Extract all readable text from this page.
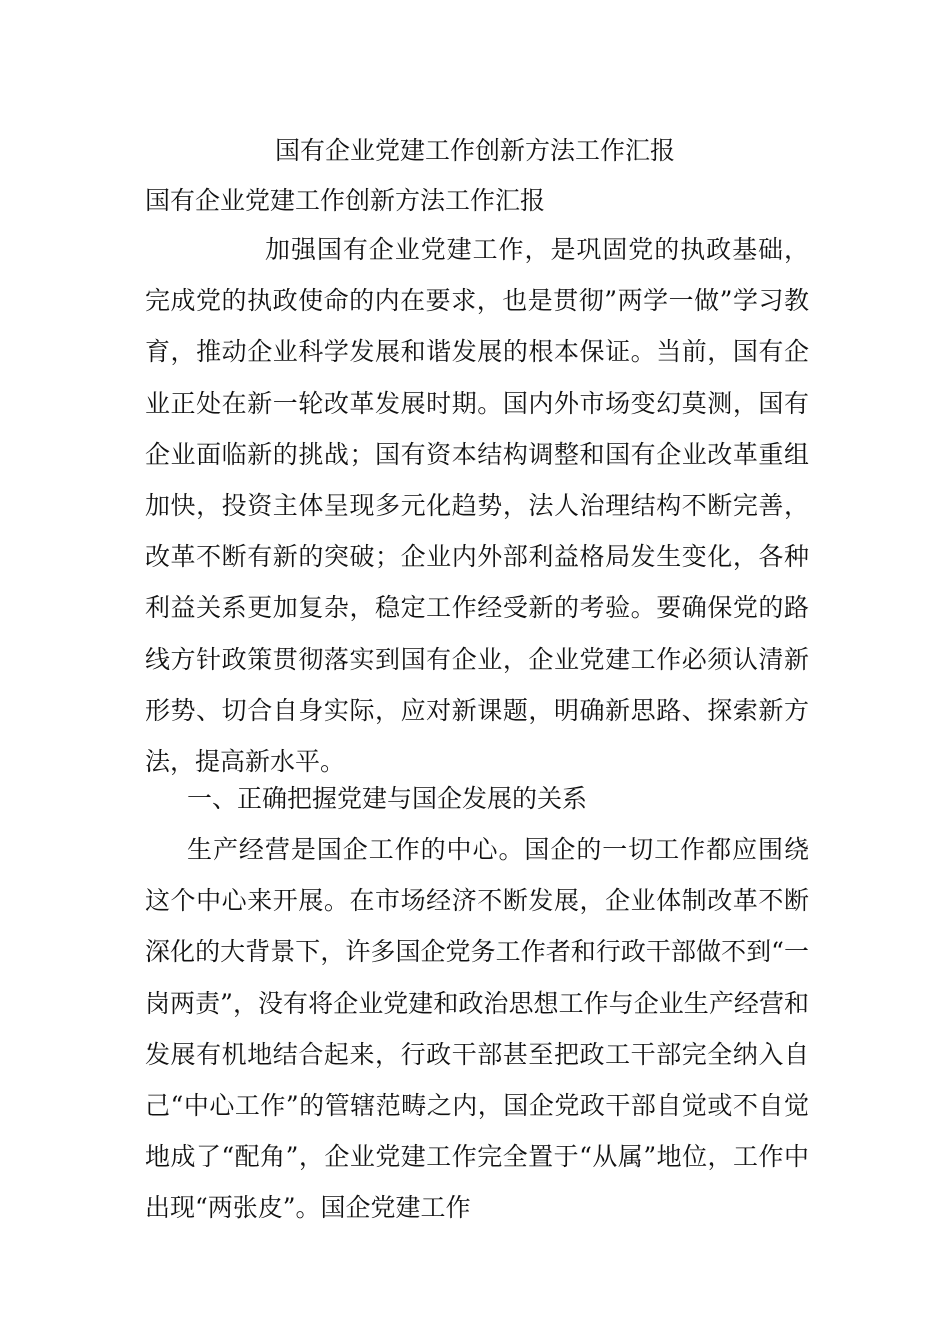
国有企业党建工作创新方法工作汇报
国有企业党建工作创新方法工作汇报

加强国有企业党建工作，是巩固党的执政基础，完成党的执政使命的内在要求，也是贯彻”两学一做”学习教育，推动企业科学发展和谐发展的根本保证。当前，国有企业正处在新一轮改革发展时期。国内外市场变幻莫测，国有企业面临新的挑战；国有资本结构调整和国有企业改革重组加快，投资主体呈现多元化趋势，法人治理结构不断完善，改革不断有新的突破；企业内外部利益格局发生变化，各种利益关系更加复杂，稳定工作经受新的考验。要确保党的路线方针政策贯彻落实到国有企业，企业党建工作必须认清新形势、切合自身实际，应对新课题，明确新思路、探索新方法，提高新水平。

一、正确把握党建与国企发展的关系

生产经营是国企工作的中心。国企的一切工作都应围绕这个中心来开展。在市场经济不断发展，企业体制改革不断深化的大背景下，许多国企党务工作者和行政干部做不到“一岗两责”，没有将企业党建和政治思想工作与企业生产经营和发展有机地结合起来，行政干部甚至把政工干部完全纳入自己“中心工作”的管辖范畴之内，国企党政干部自觉或不自觉地成了“配角”，企业党建工作完全置于“从属”地位，工作中出现“两张皮”。国企党建工作
